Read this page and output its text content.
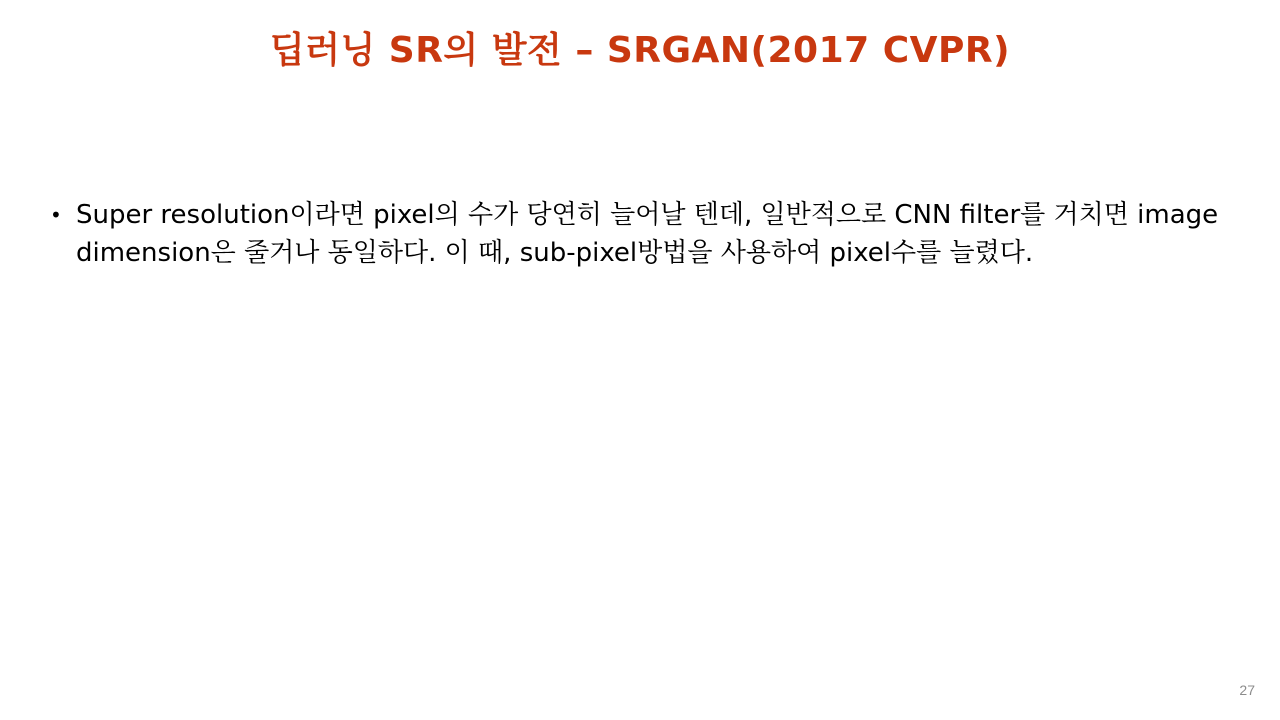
딥러닝 SR의 발전 – SRGAN(2017 CVPR)
• Super resolution이라면 pixel의 수가 당연히 늘어날 텐데, 일반적으로 CNN filter를 거치면 image dimension은 줄거나 동일하다. 이 때, sub-pixel방법을 사용하여 pixel수를 늘렸다.

27
